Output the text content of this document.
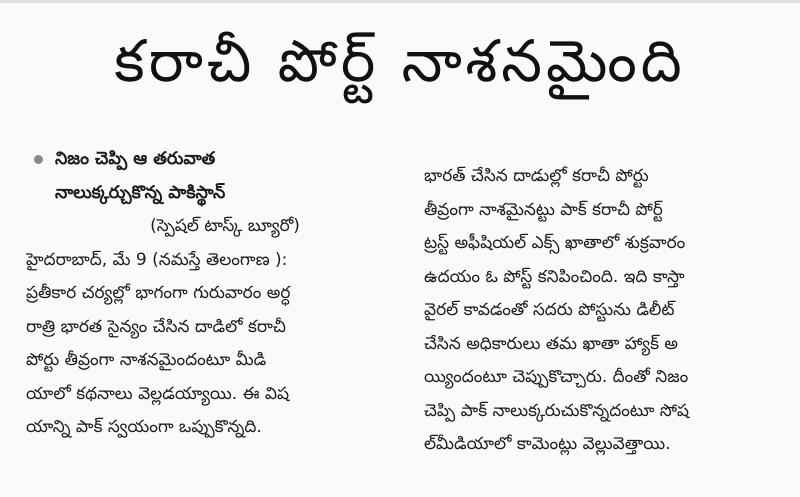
కరాచీ పోర్ట్ నాశనమైంది
నిజం చెప్పి ఆ తరువాత
నాలుక్కర్చుకొన్న పాకిస్థాన్
(స్పెషల్ టాస్క్ బ్యూరో)
హైదరాబాద్, మే 9 (నమస్తే తెలంగాణ ):
ప్రతీకార చర్యల్లో భాగంగా గురువారం అర్ధ
రాత్రి భారత సైన్యం చేసిన దాడిలో కరాచీ
పోర్టు తీవ్రంగా నాశనమైందంటూ మీడి
యాలో కథనాలు వెల్లడయ్యాయి. ఈ విష
యాన్ని పాక్ స్వయంగా ఒప్పుకొన్నది.
భారత్ చేసిన దాడుల్లో కరాచీ పోర్టు
తీవ్రంగా నాశమైనట్టు పాక్ కరాచీ పోర్ట్
ట్రస్ట్ అఫీషియల్ ఎక్స్ ఖాతాలో శుక్రవారం
ఉదయం ఓ పోస్ట్ కనిపించింది. ఇది కాస్తా
వైరల్ కావడంతో సదరు పోస్టును డిలీట్
చేసిన అధికారులు తమ ఖాతా హ్యాక్ అ
య్యిందంటూ చెప్పుకొచ్చారు. దీంతో నిజం
చెప్పి పాక్ నాలుక్కరుచుకొన్నదంటూ సోష
ల్‌మీడియాలో కామెంట్లు వెల్లువెత్తాయి.
